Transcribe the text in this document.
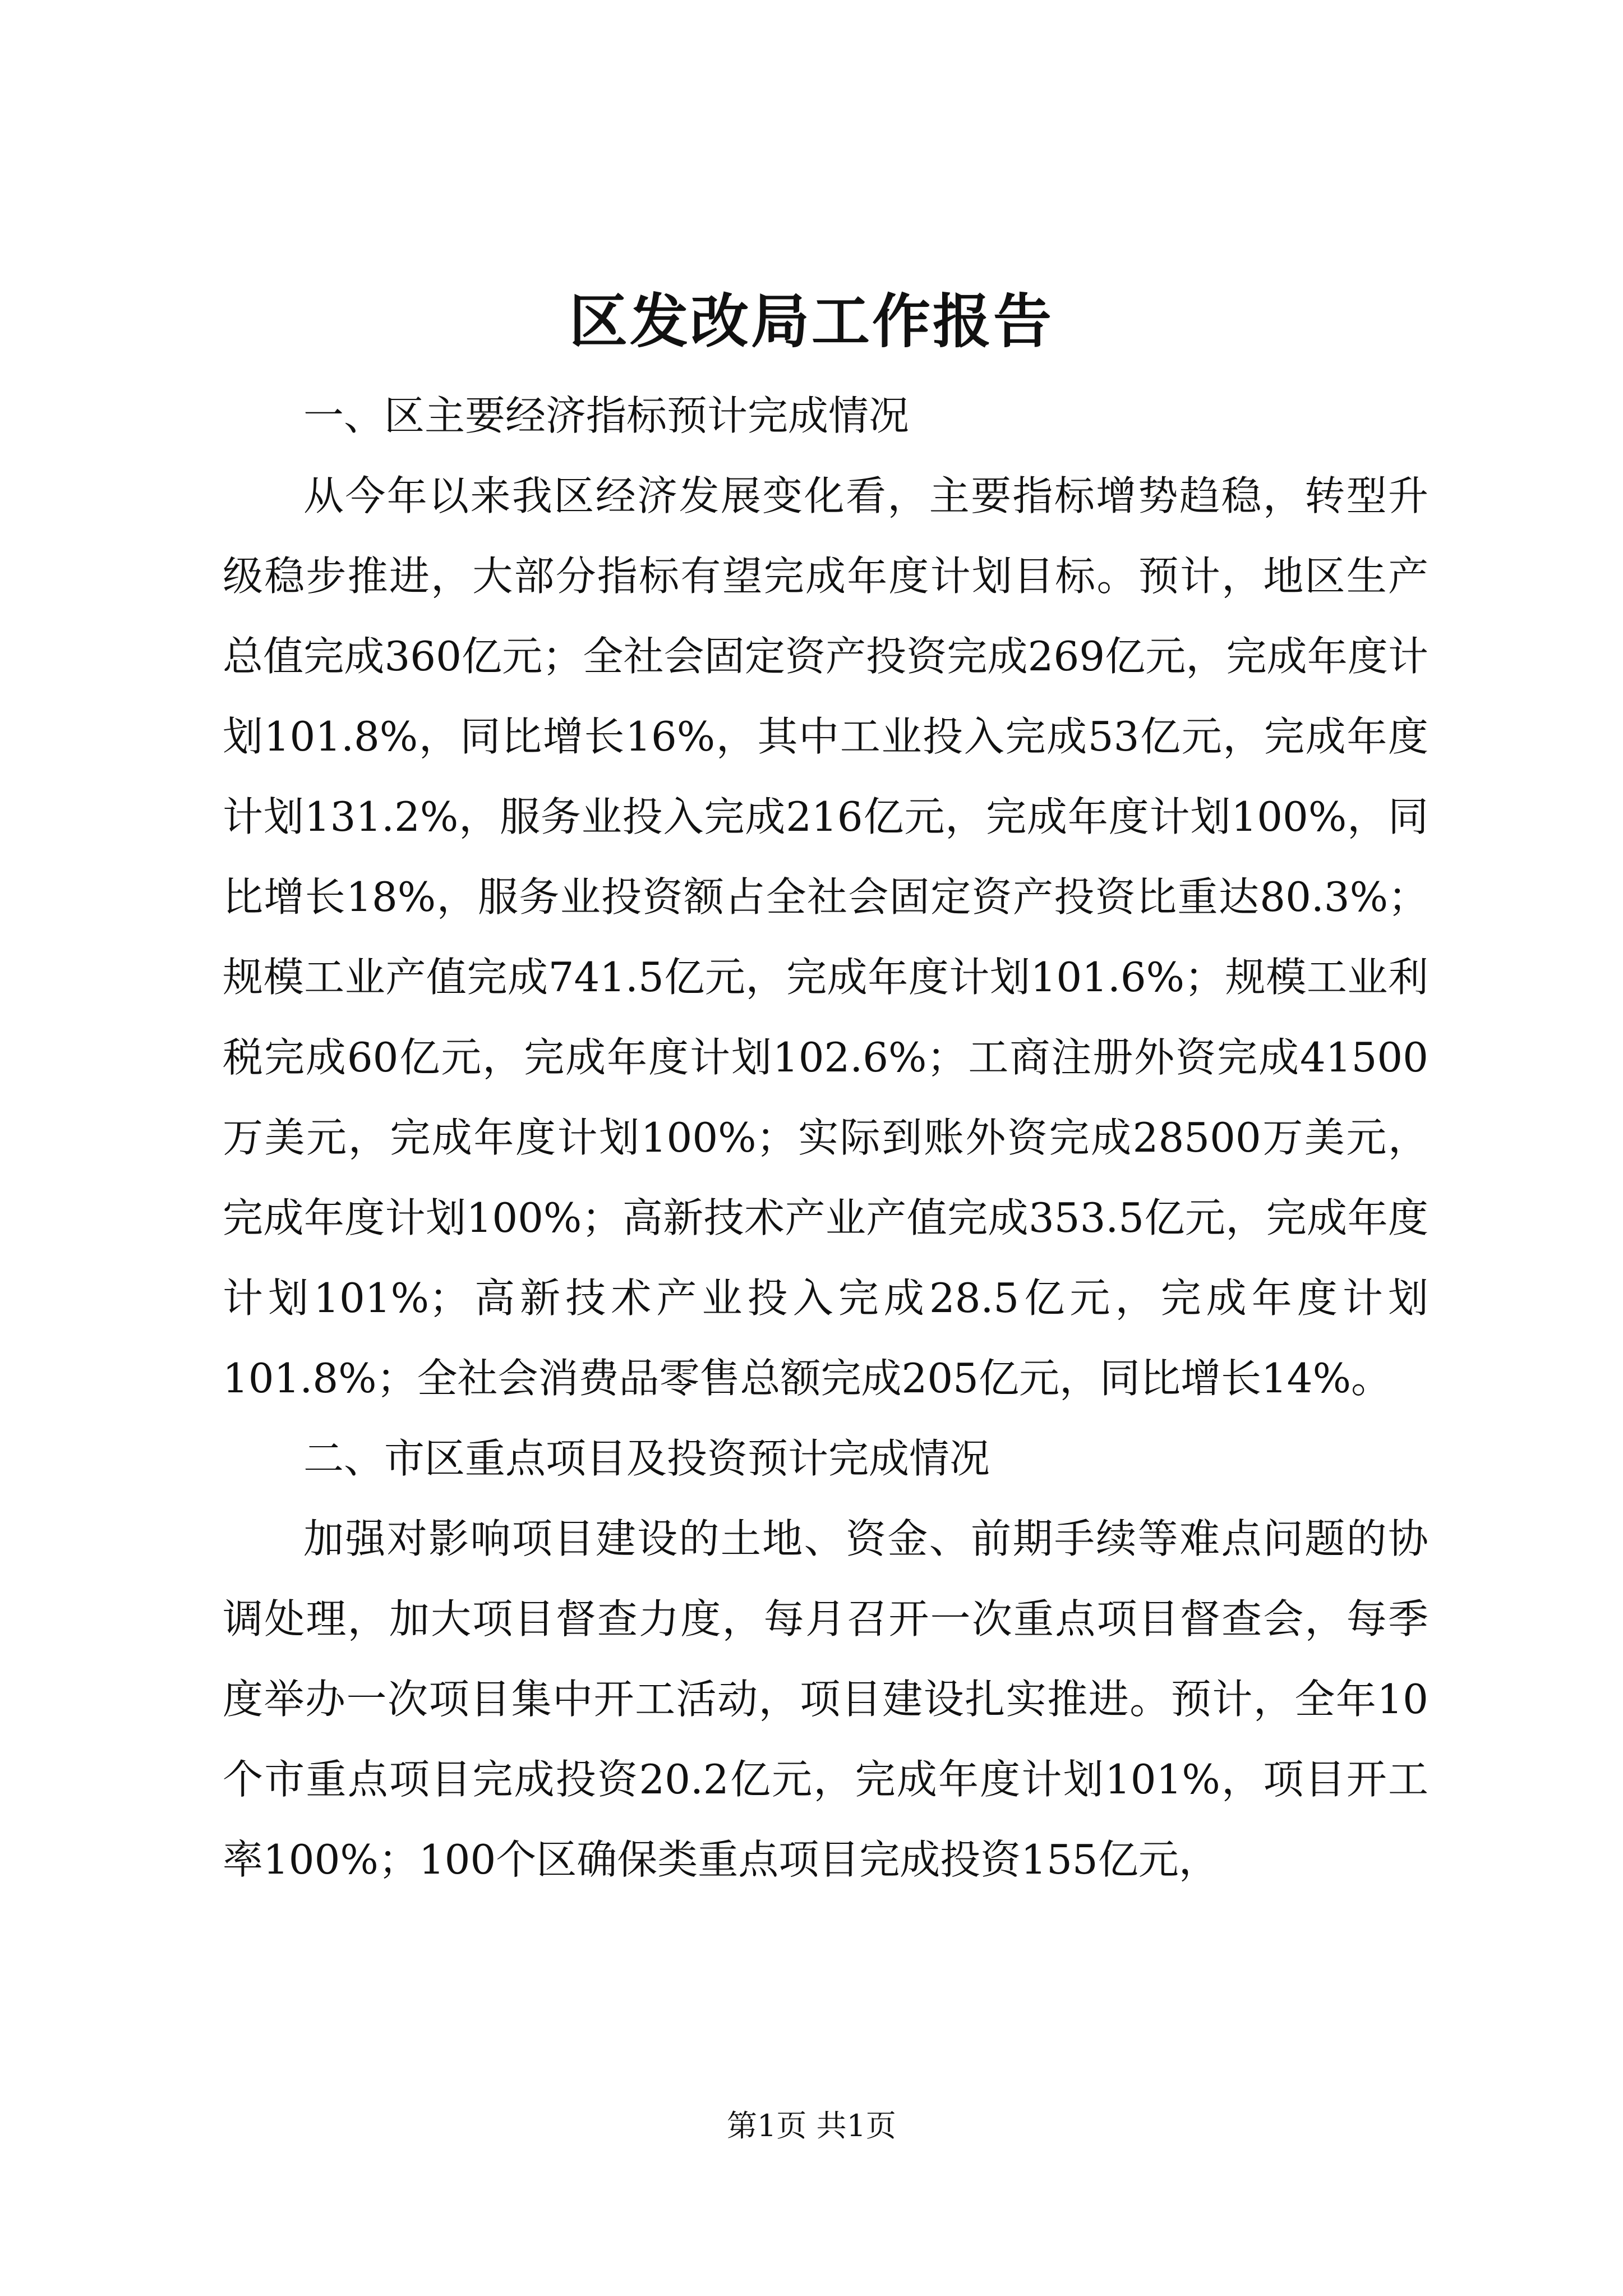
区发改局工作报告

一、区主要经济指标预计完成情况

从今年以来我区经济发展变化看，主要指标增势趋稳，转型升级稳步推进，大部分指标有望完成年度计划目标。预计，地区生产总值完成360亿元；全社会固定资产投资完成269亿元，完成年度计划101.8%，同比增长16%，其中工业投入完成53亿元，完成年度计划131.2%，服务业投入完成216亿元，完成年度计划100%，同比增长18%，服务业投资额占全社会固定资产投资比重达80.3%；规模工业产值完成741.5亿元，完成年度计划101.6%；规模工业利税完成60亿元，完成年度计划102.6%；工商注册外资完成41500万美元，完成年度计划100%；实际到账外资完成28500万美元，完成年度计划100%；高新技术产业产值完成353.5亿元，完成年度计划101%；高新技术产业投入完成28.5亿元，完成年度计划101.8%；全社会消费品零售总额完成205亿元，同比增长14%。

二、市区重点项目及投资预计完成情况

加强对影响项目建设的土地、资金、前期手续等难点问题的协调处理，加大项目督查力度，每月召开一次重点项目督查会，每季度举办一次项目集中开工活动，项目建设扎实推进。预计，全年10个市重点项目完成投资20.2亿元，完成年度计划101%，项目开工率100%；100个区确保类重点项目完成投资155亿元，

第1页 共1页
